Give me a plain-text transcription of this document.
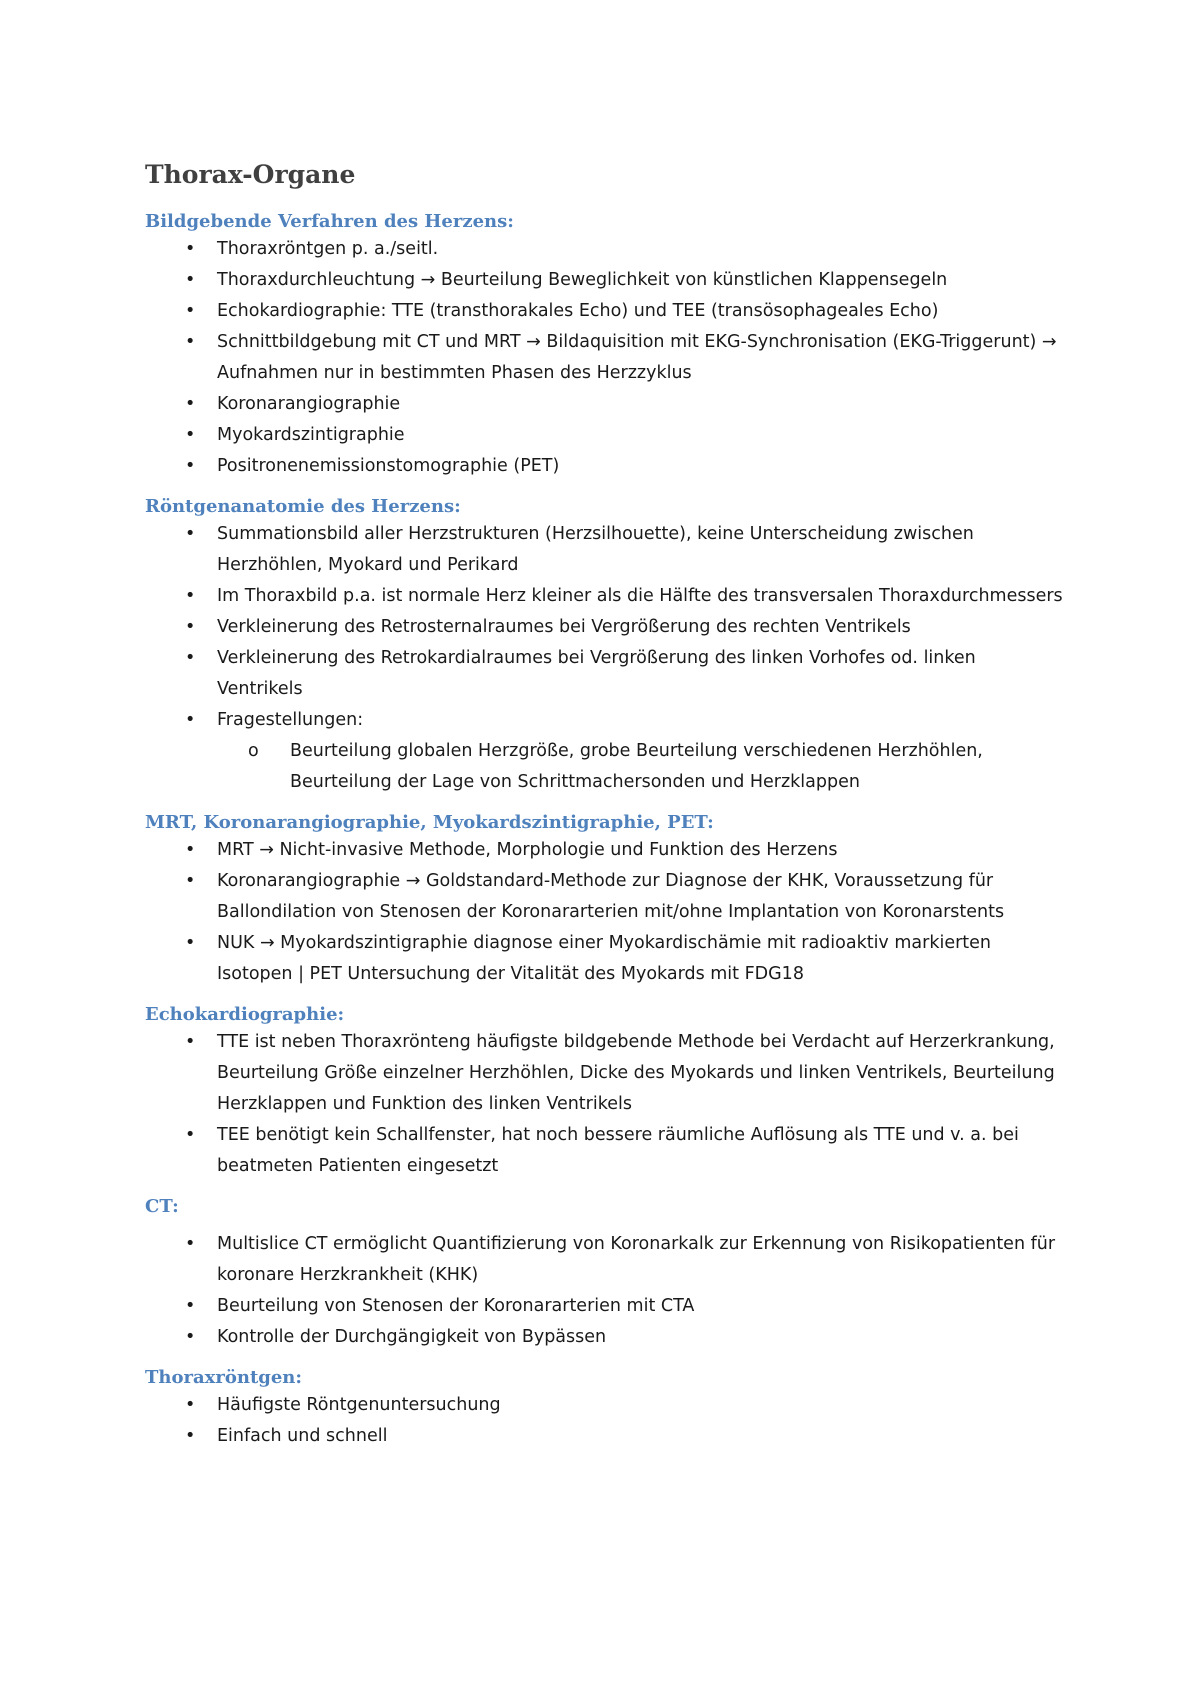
Thorax-Organe
Bildgebende Verfahren des Herzens:
• Thoraxröntgen p. a./seitl.
• Thoraxdurchleuchtung → Beurteilung Beweglichkeit von künstlichen Klappensegeln
• Echokardiographie: TTE (transthorakales Echo) und TEE (transösophageales Echo)
• Schnittbildgebung mit CT und MRT → Bildaquisition mit EKG-Synchronisation (EKG-Triggerunt) → Aufnahmen nur in bestimmten Phasen des Herzzyklus
• Koronarangiographie
• Myokardszintigraphie
• Positronenemissionstomographie (PET)
Röntgenanatomie des Herzens:
• Summationsbild aller Herzstrukturen (Herzsilhouette), keine Unterscheidung zwischen Herzhöhlen, Myokard und Perikard
• Im Thoraxbild p.a. ist normale Herz kleiner als die Hälfte des transversalen Thoraxdurchmessers
• Verkleinerung des Retrosternalraumes bei Vergrößerung des rechten Ventrikels
• Verkleinerung des Retrokardialraumes bei Vergrößerung des linken Vorhofes od. linken Ventrikels
• Fragestellungen:
o Beurteilung globalen Herzgröße, grobe Beurteilung verschiedenen Herzhöhlen, Beurteilung der Lage von Schrittmachersonden und Herzklappen
MRT, Koronarangiographie, Myokardszintigraphie, PET:
• MRT → Nicht-invasive Methode, Morphologie und Funktion des Herzens
• Koronarangiographie → Goldstandard-Methode zur Diagnose der KHK, Voraussetzung für Ballondilation von Stenosen der Koronararterien mit/ohne Implantation von Koronarstents
• NUK → Myokardszintigraphie diagnose einer Myokardischämie mit radioaktiv markierten Isotopen | PET Untersuchung der Vitalität des Myokards mit FDG18
Echokardiographie:
• TTE ist neben Thoraxrönteng häufigste bildgebende Methode bei Verdacht auf Herzerkrankung, Beurteilung Größe einzelner Herzhöhlen, Dicke des Myokards und linken Ventrikels, Beurteilung Herzklappen und Funktion des linken Ventrikels
• TEE benötigt kein Schallfenster, hat noch bessere räumliche Auflösung als TTE und v. a. bei beatmeten Patienten eingesetzt
CT:
• Multislice CT ermöglicht Quantifizierung von Koronarkalk zur Erkennung von Risikopatienten für koronare Herzkrankheit (KHK)
• Beurteilung von Stenosen der Koronararterien mit CTA
• Kontrolle der Durchgängigkeit von Bypässen
Thoraxröntgen:
• Häufigste Röntgenuntersuchung
• Einfach und schnell
